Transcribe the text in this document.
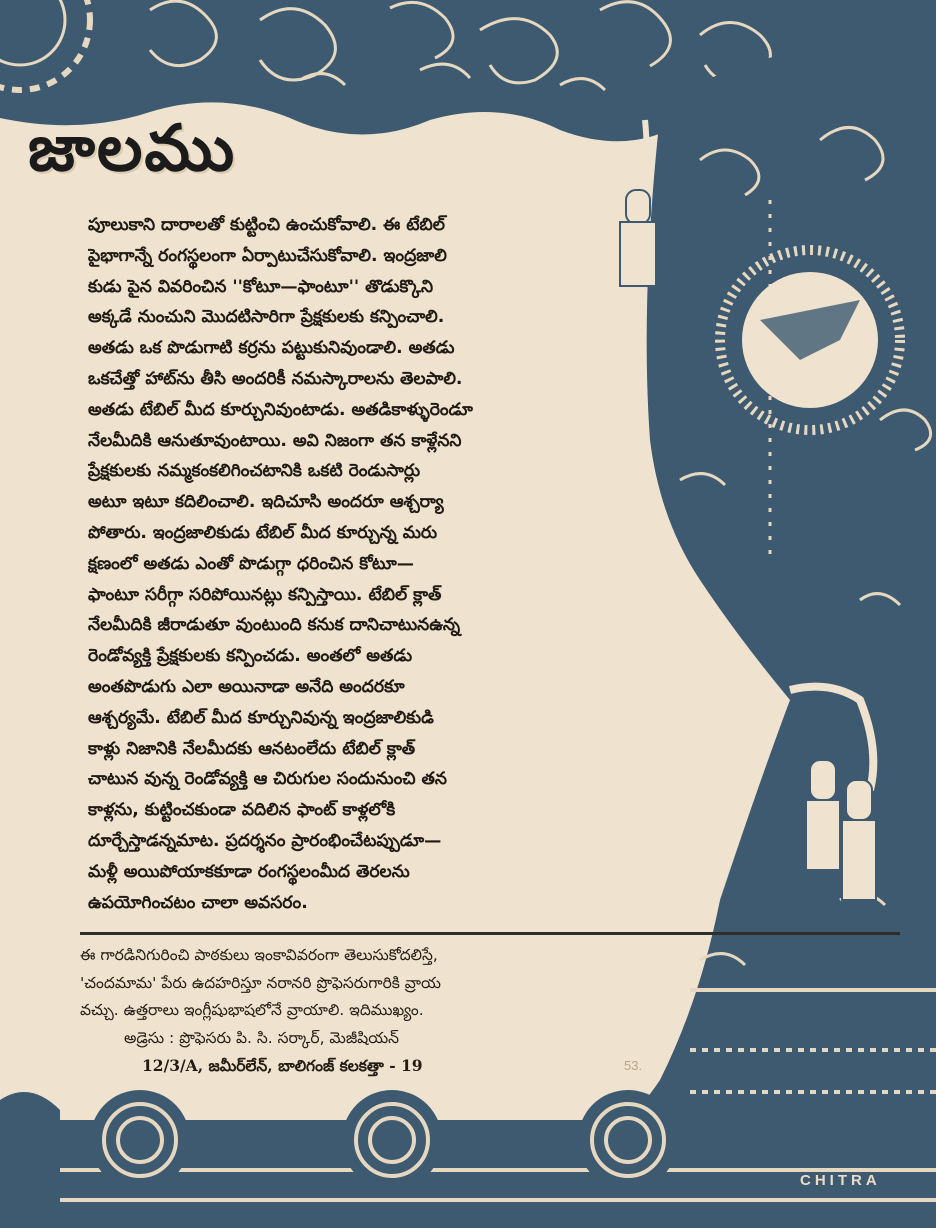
జాలము
పూలుకాని దారాలతో కుట్టించి ఉంచుకోవాలి. ఈ టేబిల్
పైభాగాన్నే రంగస్థలంగా ఏర్పాటుచేసుకోవాలి. ఇంద్రజాలి
కుడు పైన వివరించిన ''కోటూ—ఫాంటూ'' తొడుక్కొని
అక్కడే నుంచుని మొదటిసారిగా ప్రేక్షకులకు కన్పించాలి.
అతడు ఒక పొడుగాటి కర్రను పట్టుకునివుండాలి. అతడు
ఒకచేత్తో హాట్‌ను తీసి అందరికీ నమస్కారాలను తెలపాలి.
అతడు టేబిల్ మీద కూర్చునివుంటాడు. అతడికాళ్ళురెండూ
నేలమీదికి ఆనుతూవుంటాయి. అవి నిజంగా తన కాళ్లేనని
ప్రేక్షకులకు నమ్మకంకలిగించటానికి ఒకటి రెండుసార్లు
అటూ ఇటూ కదిలించాలి. ఇదిచూసి అందరూ ఆశ్చర్యా
పోతారు. ఇంద్రజాలికుడు టేబిల్ మీద కూర్చున్న మరు
క్షణంలో అతడు ఎంతో పొడుగ్గా ధరించిన కోటూ—
ఫాంటూ సరీగ్గా సరిపోయినట్లు కన్పిస్తాయి. టేబిల్ క్లాత్
నేలమీదికి జీరాడుతూ వుంటుంది కనుక దానిచాటునఉన్న
రెండోవ్యక్తి ప్రేక్షకులకు కన్పించడు. అంతలో అతడు
అంతపొడుగు ఎలా అయినాడా అనేది అందరకూ
ఆశ్చర్యమే. టేబిల్ మీద కూర్చునివున్న ఇంద్రజాలికుడి
కాళ్లు నిజానికి నేలమీదకు ఆనటంలేదు టేబిల్ క్లాత్
చాటున వున్న రెండోవ్యక్తి ఆ చిరుగుల సందునుంచి తన
కాళ్లను, కుట్టించకుండా వదిలిన ఫాంట్ కాళ్లలోకి
దూర్చేస్తాడన్నమాట. ప్రదర్శనం ప్రారంభించేటప్పుడూ—
మళ్లీ అయిపోయాకకూడా రంగస్థలంమీద తెరలను
ఉపయోగించటం చాలా అవసరం.
ఈ గారడినిగురించి పాఠకులు ఇంకావివరంగా తెలుసుకోదలిస్తే,
'చందమామ' పేరు ఉదహరిస్తూ నరానరి ప్రొఫెసరుగారికి వ్రాయ
వచ్చు. ఉత్తరాలు ఇంగ్లీషుభాషలోనే వ్రాయాలి. ఇదిముఖ్యం.
అడ్రెసు : ప్రొఫెసరు పి. సి. సర్కార్, మెజీషియన్
12/3/A, జమీర్‌లేన్, బాలిగంజ్ కలకత్తా - 19	53.
CHITRA
